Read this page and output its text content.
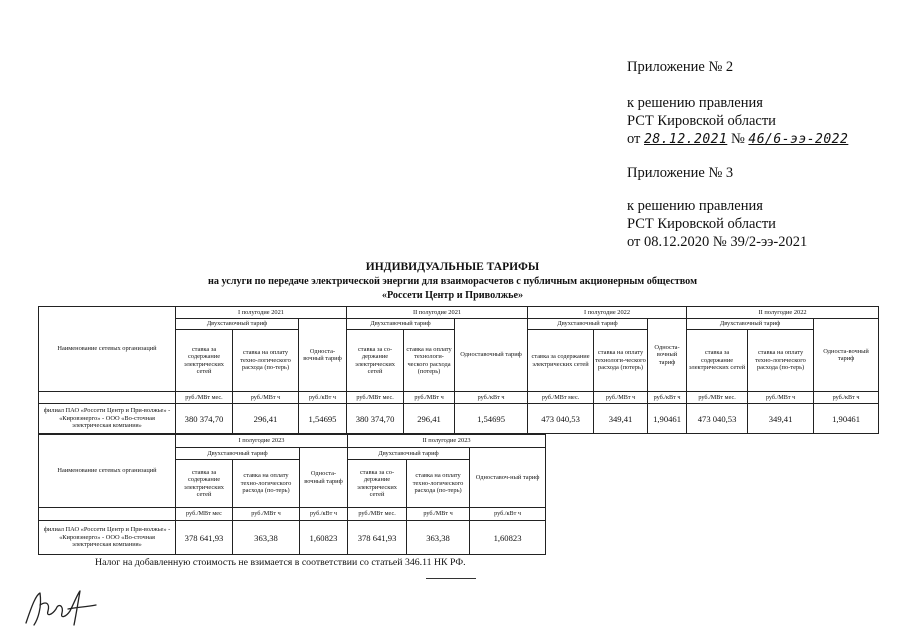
Приложение № 2
к решению правления
РСТ Кировской области
от 28.12.2021 № 46/6-ээ-2022
Приложение № 3
к решению правления
РСТ Кировской области
от 08.12.2020 № 39/2-ээ-2021
ИНДИВИДУАЛЬНЫЕ ТАРИФЫ
на услуги по передаче электрической энергии для взаиморасчетов с публичным акционерным обществом
«Россети Центр и Приволжье»
Наименование сетевых организаций	I полугодие 2021			II полугодие 2021			I полугодие 2022			II полугодие 2022		
	Двухставочный тариф		Односта-вочный тариф	Двухставочный тариф		Одноставочный тариф	Двухставочный тариф		Односта-вочный тариф	Двухставочный тариф		Односта-вочный тариф
	ставка за содержание электрических сетей	ставка на оплату техно-логического расхода (по-терь)		ставка за со-держание электрических сетей	ставка на оплату технологи-ческого расхода (потерь)		ставка за содержание электрических сетей	ставка на оплату технологи-ческого расхода (потерь)		ставка за содержание электрических сетей	ставка на оплату техно-логического расхода (по-терь)	
	руб./МВт мес.	руб./МВт ч	руб./кВт ч	руб./МВт мес.	руб./МВт ч	руб./кВт ч	руб./МВт мес.	руб./МВт ч	руб./кВт ч	руб./МВт мес.	руб./МВт ч	руб./кВт ч
филиал ПАО «Россети Центр и При-волжье» - «Кировэнерго» - ООО «Во-сточная электрическая компания»	380 374,70	296,41	1,54695	380 374,70	296,41	1,54695	473 040,53	349,41	1,90461	473 040,53	349,41	1,90461
Наименование сетевых организаций	I полугодие 2023			II полугодие 2023		
	Двухставочный тариф		Односта-вочный тариф	Двухставочный тариф		Одноставоч-ный тариф
	ставка за содержание электрических сетей	ставка на оплату техно-логического расхода (по-терь)		ставка за со-держание электрических сетей	ставка на оплату техно-логического расхода (по-терь)	
	руб./МВт мес	руб./МВт ч	руб./кВт ч	руб./МВт мес.	руб./МВт ч	руб./кВт ч
филиал ПАО «Россети Центр и При-волжье» - «Кировэнерго» - ООО «Во-сточная электрическая компания»	378 641,93	363,38	1,60823	378 641,93	363,38	1,60823
Налог на добавленную стоимость не взимается в соответствии со статьей 346.11 НК РФ.
